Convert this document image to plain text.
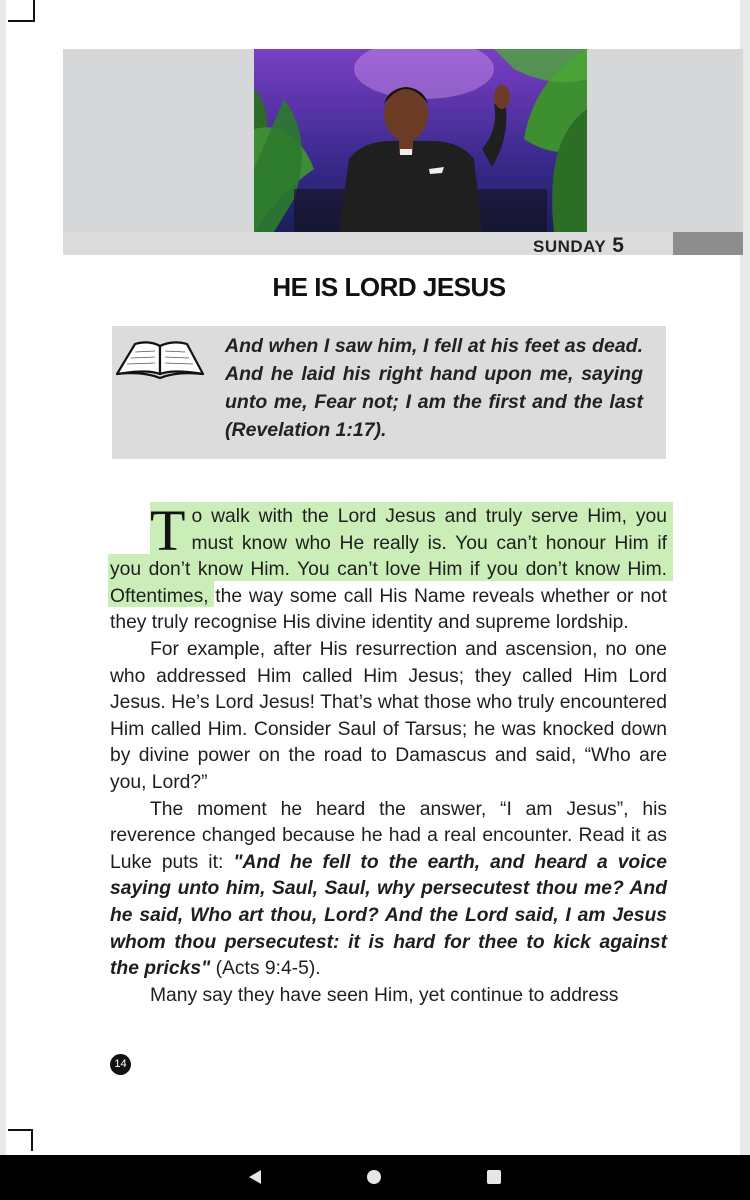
SUNDAY 5
HE IS LORD JESUS
And when I saw him, I fell at his feet as dead. And he laid his right hand upon me, saying unto me, Fear not; I am the first and the last (Revelation 1:17).

To walk with the Lord Jesus and truly serve Him, you must know who He really is. You can’t honour Him if you don’t know Him. You can’t love Him if you don’t know Him. Oftentimes, the way some call His Name reveals whether or not they truly recognise His divine identity and supreme lordship.

For example, after His resurrection and ascension, no one who addressed Him called Him Jesus; they called Him Lord Jesus. He’s Lord Jesus! That’s what those who truly encountered Him called Him. Consider Saul of Tarsus; he was knocked down by divine power on the road to Damascus and said, “Who are you, Lord?”

The moment he heard the answer, “I am Jesus”, his reverence changed because he had a real encounter. Read it as Luke puts it: "And he fell to the earth, and heard a voice saying unto him, Saul, Saul, why persecutest thou me? And he said, Who art thou, Lord? And the Lord said, I am Jesus whom thou persecutest: it is hard for thee to kick against the pricks" (Acts 9:4-5).

Many say they have seen Him, yet continue to address

14
